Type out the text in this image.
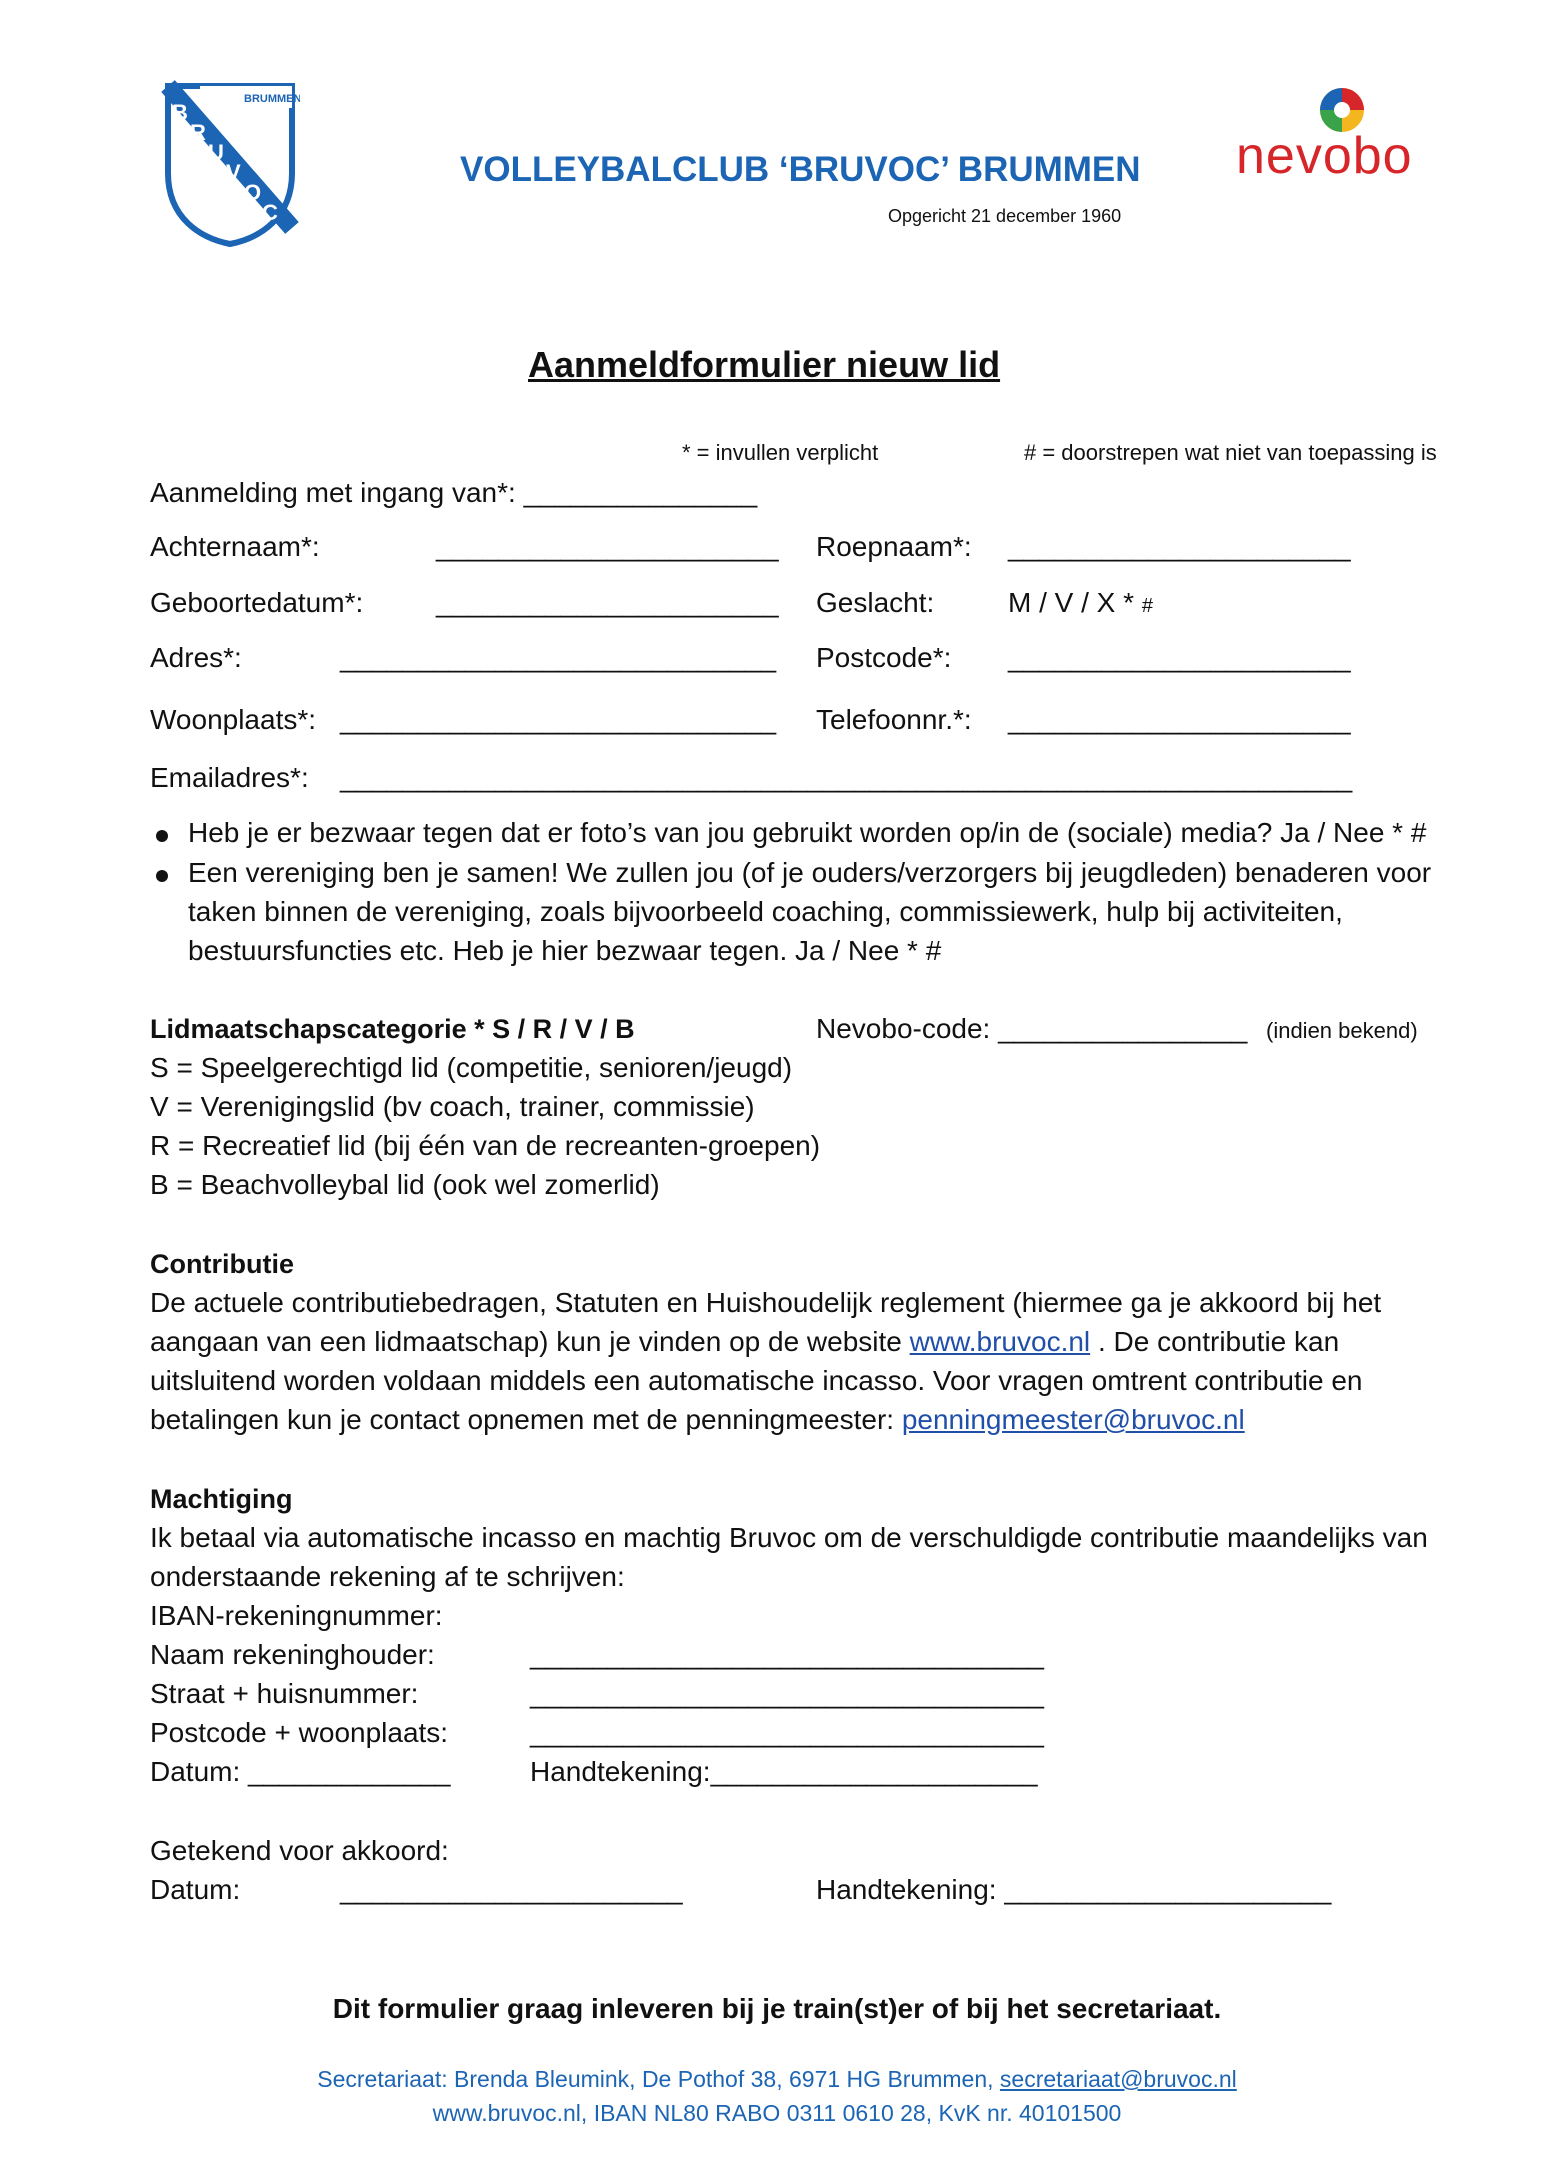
BRUMMEN
B
R
U
V
O
C
VOLLEYBALCLUB ‘BRUVOC’ BRUMMEN
Opgericht 21 december 1960
nevobo
Aanmeldformulier nieuw lid
* = invullen verplicht	# = doorstrepen wat niet van toepassing is
Aanmelding met ingang van*: _______________
Achternaam*:	______________________ Roepnaam*: ______________________
Geboortedatum*:	______________________ Geslacht:	M / V / X * #
Adres*:	____________________________ Postcode*: ______________________
Woonplaats*: ____________________________ Telefoonnr.*: ______________________
Emailadres*: _________________________________________________________________
Heb je er bezwaar tegen dat er foto’s van jou gebruikt worden op/in de (sociale) media? Ja / Nee * #
Een vereniging ben je samen! We zullen jou (of je ouders/verzorgers bij jeugdleden) benaderen voor
taken binnen de vereniging, zoals bijvoorbeeld coaching, commissiewerk, hulp bij activiteiten,
bestuursfuncties etc. Heb je hier bezwaar tegen. Ja / Nee * #
Lidmaatschapscategorie * S / R / V / B	Nevobo-code: ________________ (indien bekend)
S = Speelgerechtigd lid (competitie, senioren/jeugd)
V = Verenigingslid (bv coach, trainer, commissie)
R = Recreatief lid (bij één van de recreanten-groepen)
B = Beachvolleybal lid (ook wel zomerlid)
Contributie
De actuele contributiebedragen, Statuten en Huishoudelijk reglement (hiermee ga je akkoord bij het
aangaan van een lidmaatschap) kun je vinden op de website www.bruvoc.nl . De contributie kan
uitsluitend worden voldaan middels een automatische incasso. Voor vragen omtrent contributie en
betalingen kun je contact opnemen met de penningmeester: penningmeester@bruvoc.nl
Machtiging
Ik betaal via automatische incasso en machtig Bruvoc om de verschuldigde contributie maandelijks van
onderstaande rekening af te schrijven:
IBAN-rekeningnummer:
Naam rekeninghouder:	_________________________________
Straat + huisnummer:	_________________________________
Postcode + woonplaats:	_________________________________
Datum: _____________	Handtekening:_____________________
Getekend voor akkoord:
Datum:	______________________	Handtekening: _____________________
Dit formulier graag inleveren bij je train(st)er of bij het secretariaat.
Secretariaat: Brenda Bleumink, De Pothof 38, 6971 HG Brummen, secretariaat@bruvoc.nl
www.bruvoc.nl, IBAN NL80 RABO 0311 0610 28, KvK nr. 40101500
